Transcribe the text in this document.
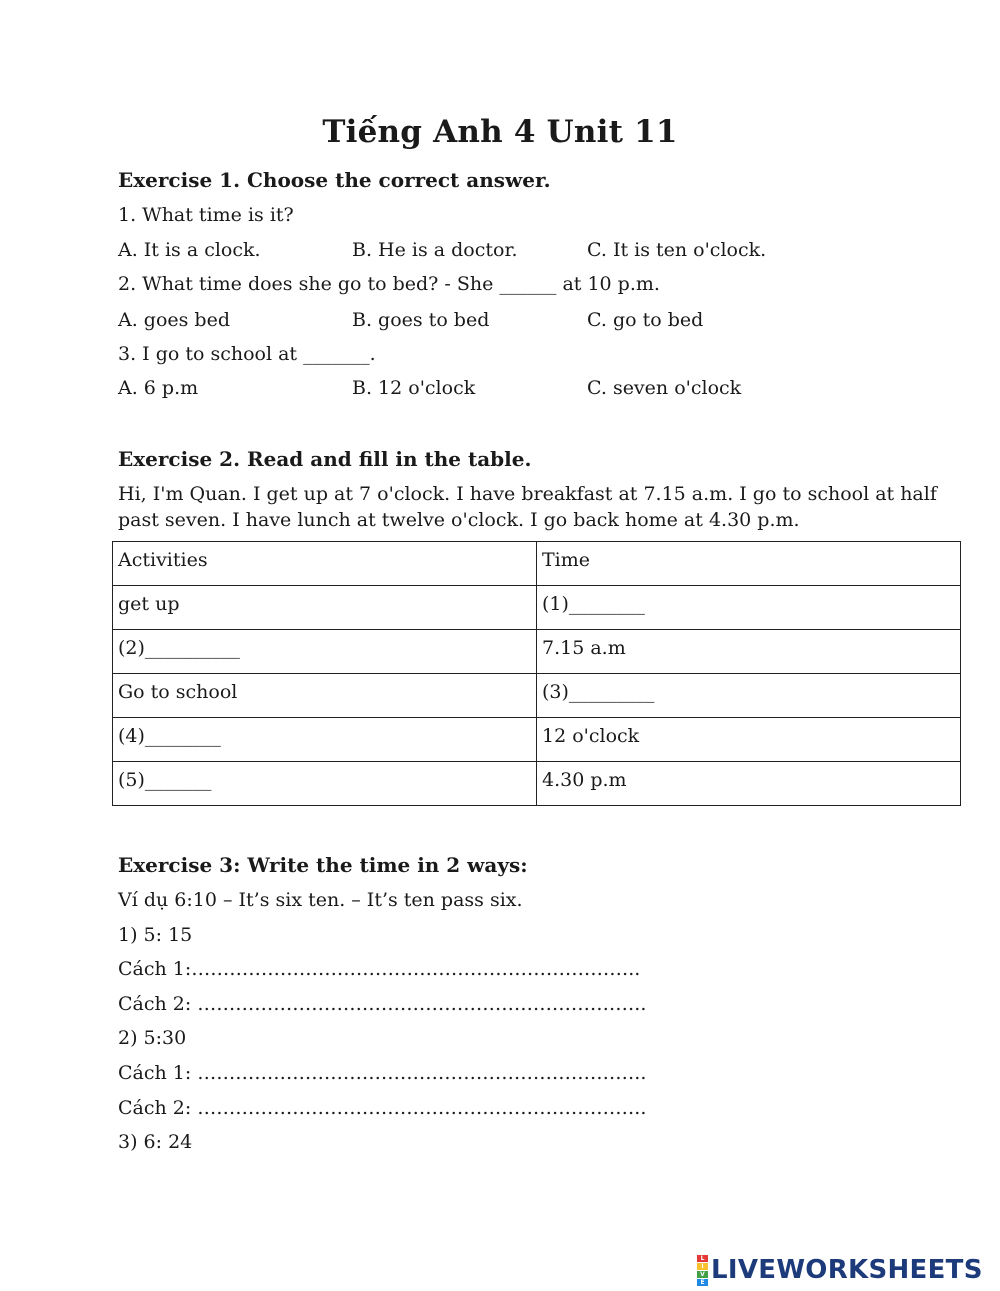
Tiếng Anh 4 Unit 11
Exercise 1. Choose the correct answer.
1. What time is it?
A. It is a clock.	B. He is a doctor.	C. It is ten o'clock.
2. What time does she go to bed? - She ______ at 10 p.m.
A. goes bed	B. goes to bed	C. go to bed
3. I go to school at _______.
A. 6 p.m	B. 12 o'clock	C. seven o'clock
Exercise 2. Read and fill in the table.
Hi, I'm Quan. I get up at 7 o'clock. I have breakfast at 7.15 a.m. I go to school at half
past seven. I have lunch at twelve o'clock. I go back home at 4.30 p.m.
Activities	Time
get up	(1)________
(2)__________	7.15 a.m
Go to school	(3)_________
(4)________	12 o'clock
(5)_______	4.30 p.m
Exercise 3: Write the time in 2 ways:
Ví dụ 6:10 – It’s six ten. – It’s ten pass six.
1) 5: 15
Cách 1:……………………………………………………………..
Cách 2: ……………………………………………………………..
2) 5:30
Cách 1: ……………………………………………………………..
Cách 2: ……………………………………………………………..
3) 6: 24
L
I
V
E LIVEWORKSHEETS
